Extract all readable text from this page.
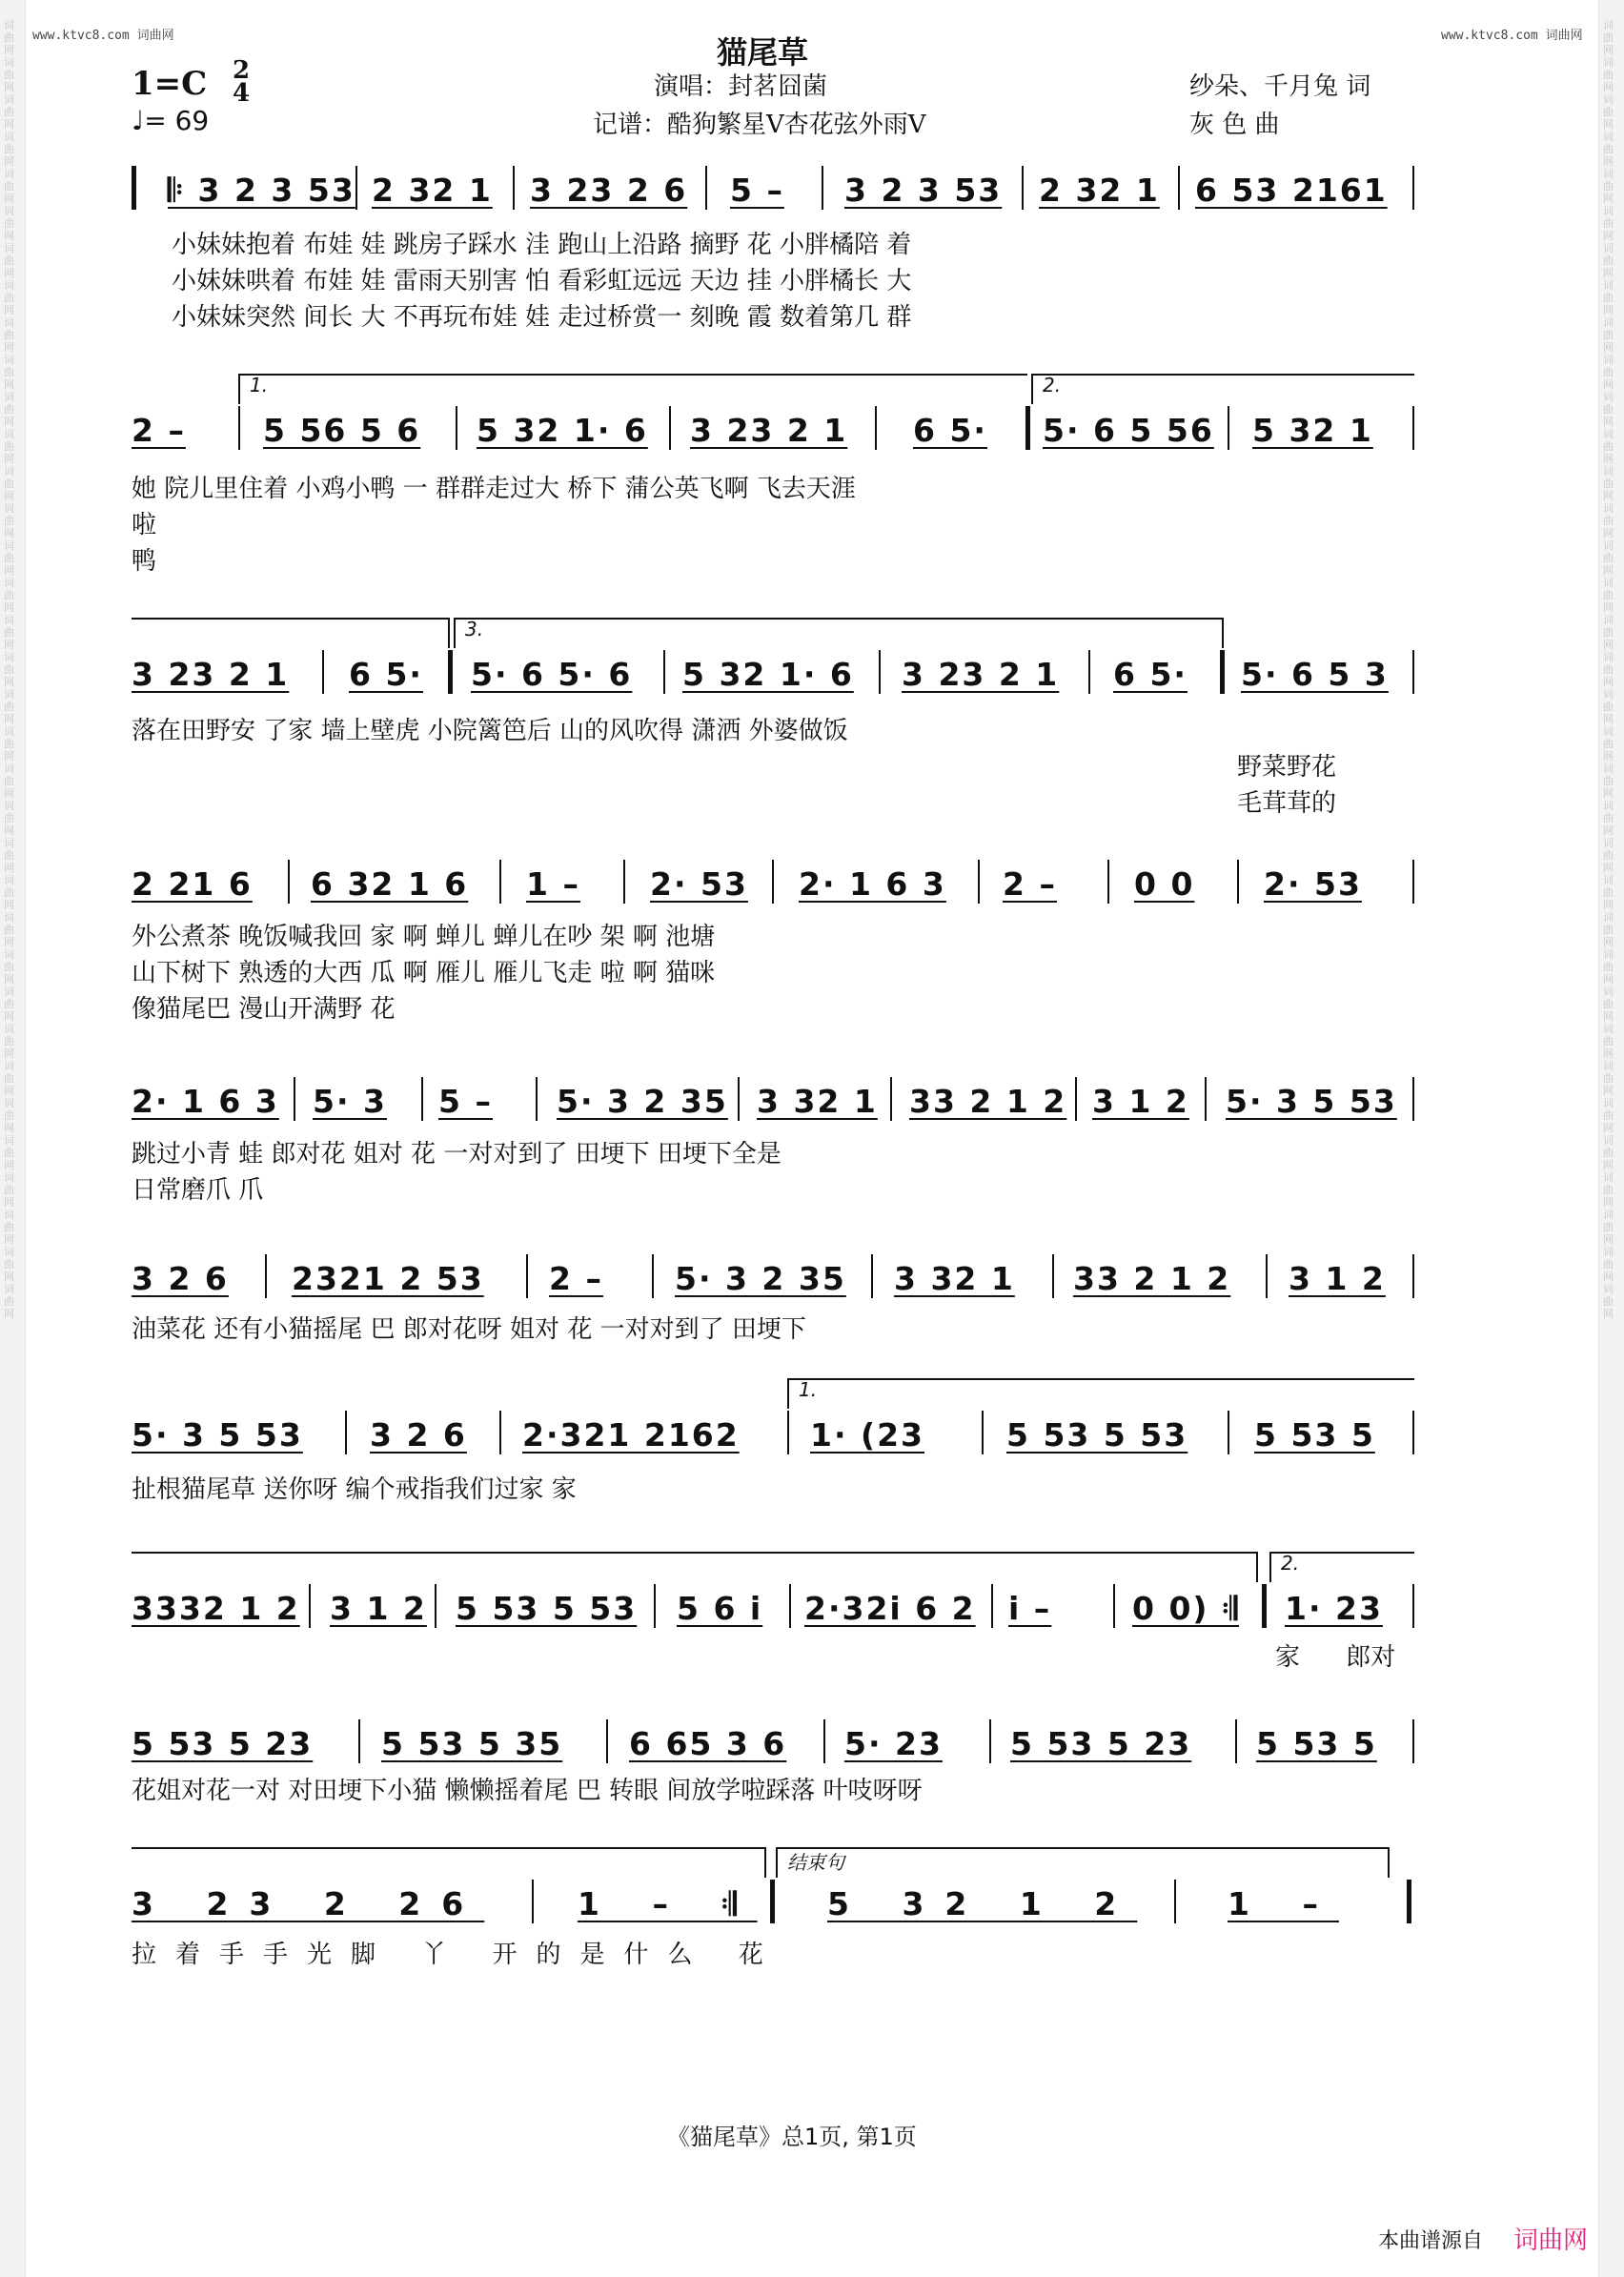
词曲网词曲网词曲网词曲网词曲网词曲网词曲网词曲网词曲网词曲网词曲网词曲网词曲网词曲网词曲网词曲网词曲网词曲网词曲网词曲网词曲网词曲网词曲网词曲网词曲网词曲网词曲网词曲网词曲网词曲网词曲网词曲网词曲网词曲网词曲网
词曲网词曲网词曲网词曲网词曲网词曲网词曲网词曲网词曲网词曲网词曲网词曲网词曲网词曲网词曲网词曲网词曲网词曲网词曲网词曲网词曲网词曲网词曲网词曲网词曲网词曲网词曲网词曲网词曲网词曲网词曲网词曲网词曲网词曲网词曲网
www.ktvc8.com 词曲网	www.ktvc8.com 词曲网
猫尾草
1=C 2
4
♩= 69
演唱：封茗囧菌
记谱：酷狗繁星V杏花弦外雨V
纱朵、千月兔 词
灰 色 曲
𝄆 3 2 3 53 2 32 1 3 23 2 6 5 – 3 2 3 53 2 32 1 6 53 2161
小妹妹抱着 布娃 娃 跳房子踩水 洼 跑山上沿路 摘野 花 小胖橘陪 着
小妹妹哄着 布娃 娃 雷雨天别害 怕 看彩虹远远 天边 挂 小胖橘长 大
小妹妹突然 间长 大 不再玩布娃 娃 走过桥赏一 刻晚 霞 数着第几 群
1.	2.
2 – 5 56 5 6 5 32 1· 6 3 23 2 1 6 5· 5· 6 5 56 5 32 1
她 院儿里住着 小鸡小鸭 一 群群走过大 桥下 蒲公英飞啊 飞去天涯
啦
鸭
3.
3 23 2 1 6 5· 5· 6 5· 6 5 32 1· 6 3 23 2 1 6 5· 5· 6 5 3
落在田野安 了家 墙上壁虎 小院篱笆后 山的风吹得 潇洒 外婆做饭
野菜野花
毛茸茸的
2 21 6 6 32 1 6 1 – 2· 53 2· 1 6 3 2 – 0 0 2· 53
外公煮茶 晚饭喊我回 家 啊 蝉儿 蝉儿在吵 架 啊 池塘
山下树下 熟透的大西 瓜 啊 雁儿 雁儿飞走 啦 啊 猫咪
像猫尾巴 漫山开满野 花
2· 1 6 3 5· 3 5 – 5· 3 2 35 3 32 1 33 2 1 2 3 1 2 5· 3 5 53
跳过小青 蛙 郎对花 姐对 花 一对对到了 田埂下 田埂下全是
日常磨爪 爪
3 2 6 2321 2 53 2 – 5· 3 2 35 3 32 1 33 2 1 2 3 1 2
油菜花 还有小猫摇尾 巴 郎对花呀 姐对 花 一对对到了 田埂下
1.
5· 3 5 53 3 2 6 2·321 2162 1· (23	5 53 5 53 5 53 5
扯根猫尾草 送你呀 编个戒指我们过家 家
2.
3332 1 2 3 1 2 5 53 5 53 5 6 i 2·32i 6 2 i –	0 0) 𝄇 1· 23
家 郎对
5 53 5 23 5 53 5 35 6 65 3 6 5· 23 5 53 5 23 5 53 5
花姐对花一对 对田埂下小猫 懒懒摇着尾 巴 转眼 间放学啦踩落 叶吱呀呀
结束句
3 23 2 26	1 – 𝄇 5 32 1 2	1 –
拉着手手光脚 丫 开的是什么 花
《猫尾草》总1页, 第1页
本曲谱源自 词曲网
